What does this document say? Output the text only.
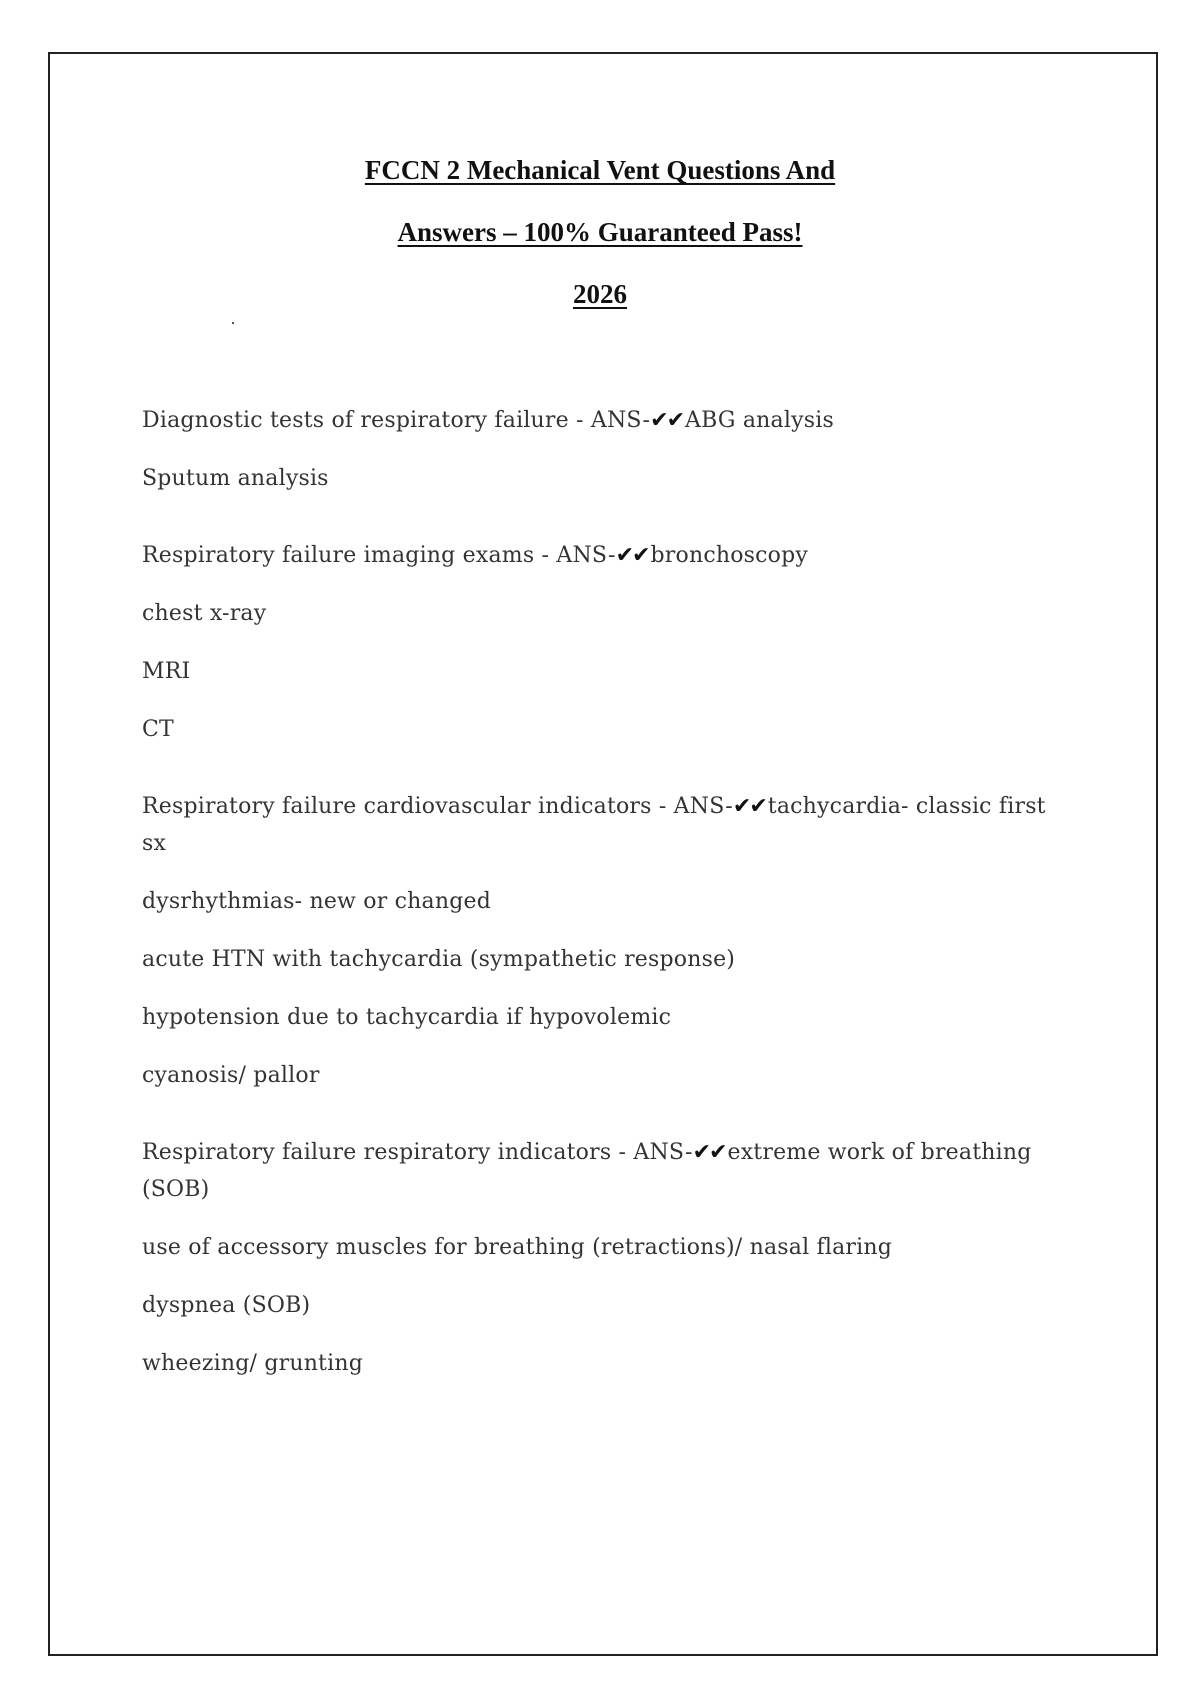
FCCN 2 Mechanical Vent Questions And
Answers – 100% Guaranteed Pass!
2026
Diagnostic tests of respiratory failure - ANS-✔✔ABG analysis
Sputum analysis
Respiratory failure imaging exams - ANS-✔✔bronchoscopy
chest x-ray
MRI
CT
Respiratory failure cardiovascular indicators - ANS-✔✔tachycardia- classic first sx
dysrhythmias- new or changed
acute HTN with tachycardia (sympathetic response)
hypotension due to tachycardia if hypovolemic
cyanosis/ pallor
Respiratory failure respiratory indicators - ANS-✔✔extreme work of breathing (SOB)
use of accessory muscles for breathing (retractions)/ nasal flaring
dyspnea (SOB)
wheezing/ grunting
